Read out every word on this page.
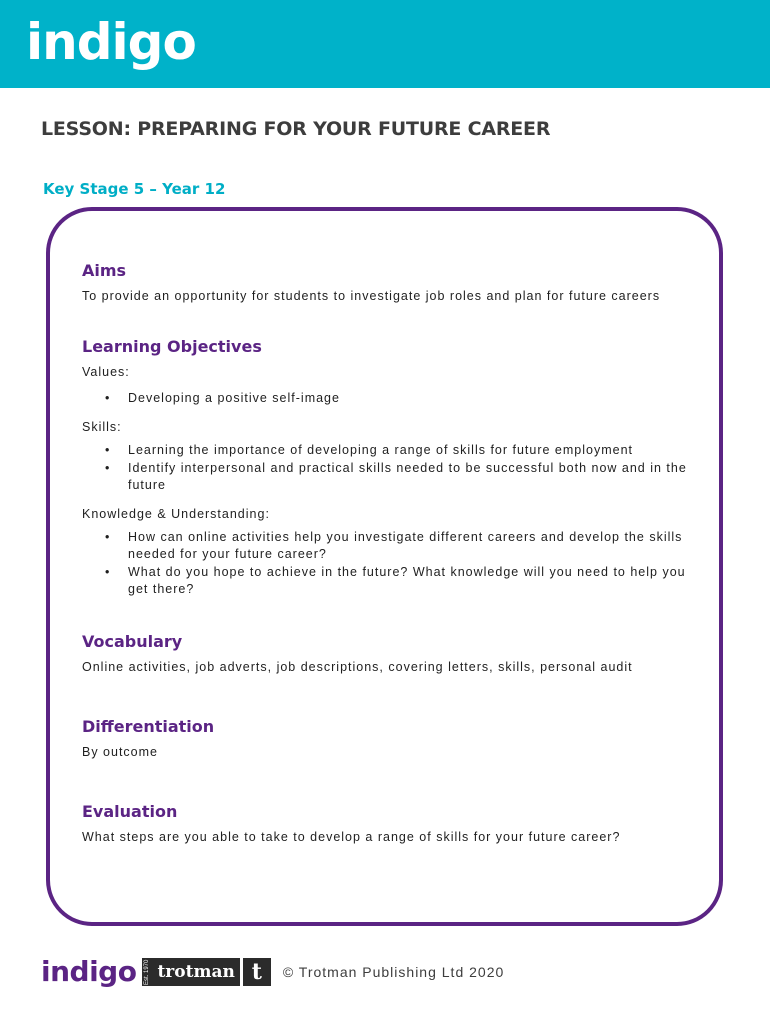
indigo
LESSON: PREPARING FOR YOUR FUTURE CAREER
Key Stage 5 – Year 12
Aims
To provide an opportunity for students to investigate job roles and plan for future careers
Learning Objectives
Values:
• Developing a positive self-image
Skills:
• Learning the importance of developing a range of skills for future employment
• Identify interpersonal and practical skills needed to be successful both now and in the future
Knowledge & Understanding:
• How can online activities help you investigate different careers and develop the skills needed for your future career?
• What do you hope to achieve in the future? What knowledge will you need to help you get there?
Vocabulary
Online activities, job adverts, job descriptions, covering letters, skills, personal audit
Differentiation
By outcome
Evaluation
What steps are you able to take to develop a range of skills for your future career?
indigo	Est. 1970 trotman t	© Trotman Publishing Ltd 2020
